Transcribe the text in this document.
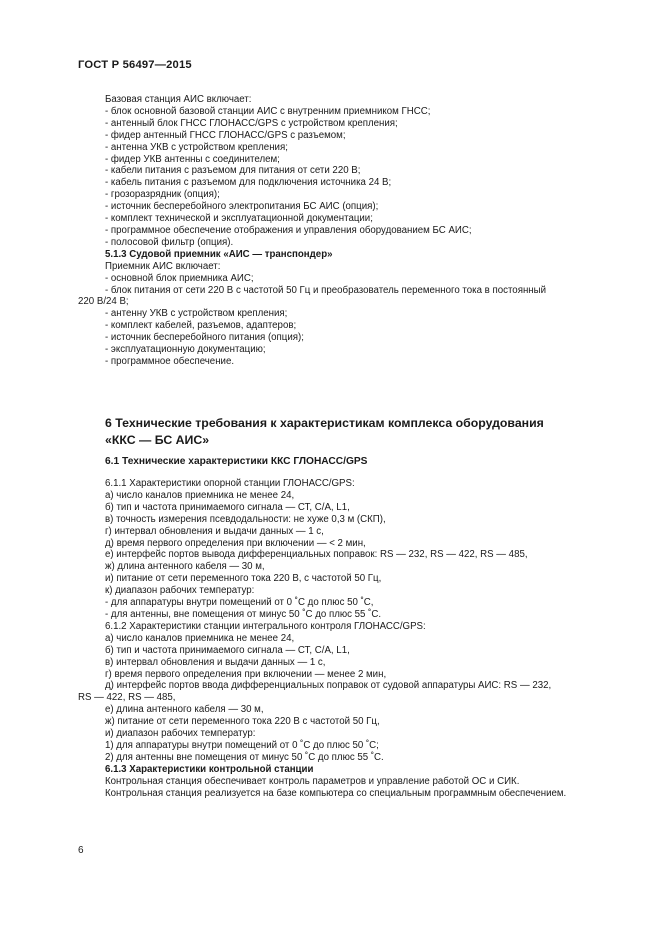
ГОСТ Р 56497—2015
Базовая станция АИС включает:
- блок основной базовой станции АИС с внутренним приемником ГНСС;
- антенный блок ГНСС ГЛОНАСС/GPS с устройством крепления;
- фидер антенный ГНСС ГЛОНАСС/GPS с разъемом;
- антенна УКВ с устройством крепления;
- фидер УКВ антенны с соединителем;
- кабели питания с разъемом для питания от сети 220 В;
- кабель питания с разъемом для подключения источника 24 В;
- грозоразрядник (опция);
- источник бесперебойного электропитания БС АИС (опция);
- комплект технической и эксплуатационной документации;
- программное обеспечение отображения и управления оборудованием БС АИС;
- полосовой фильтр (опция).
5.1.3 Судовой приемник «АИС — транспондер»
Приемник АИС включает:
- основной блок приемника АИС;
- блок питания от сети 220 В с частотой 50 Гц и преобразователь переменного тока в постоянный
220 В/24 В;
- антенну УКВ с устройством крепления;
- комплект кабелей, разъемов, адаптеров;
- источник бесперебойного питания (опция);
- эксплуатационную документацию;
- программное обеспечение.
6 Технические требования к характеристикам комплекса оборудования
«ККС — БС АИС»
6.1 Технические характеристики ККС ГЛОНАСС/GPS
6.1.1 Характеристики опорной станции ГЛОНАСС/GPS:
а) число каналов приемника не менее 24,
б) тип и частота принимаемого сигнала — СТ, С/А, L1,
в) точность измерения псевдодальности: не хуже 0,3 м (СКП),
г) интервал обновления и выдачи данных — 1 с,
д) время первого определения при включении — < 2 мин,
е) интерфейс портов вывода дифференциальных поправок: RS — 232, RS — 422, RS — 485,
ж) длина антенного кабеля — 30 м,
и) питание от сети переменного тока 220 В, с частотой 50 Гц,
к) диапазон рабочих температур:
- для аппаратуры внутри помещений от 0 ˚С до плюс 50 ˚С,
- для антенны, вне помещения от минус 50 ˚С до плюс 55 ˚С.
6.1.2 Характеристики станции интегрального контроля ГЛОНАСС/GPS:
а) число каналов приемника не менее 24,
б) тип и частота принимаемого сигнала — СТ, С/А, L1,
в) интервал обновления и выдачи данных — 1 с,
г) время первого определения при включении — менее 2 мин,
д) интерфейс портов ввода дифференциальных поправок от судовой аппаратуры АИС: RS — 232,
RS — 422, RS — 485,
е) длина антенного кабеля — 30 м,
ж) питание от сети переменного тока 220 В с частотой 50 Гц,
и) диапазон рабочих температур:
1) для аппаратуры внутри помещений от 0 ˚С до плюс 50 ˚С;
2) для антенны вне помещения от минус 50 ˚С до плюс 55 ˚С.
6.1.3 Характеристики контрольной станции
Контрольная станция обеспечивает контроль параметров и управление работой ОС и СИК.
Контрольная станция реализуется на базе компьютера со специальным программным обеспечением.
6
